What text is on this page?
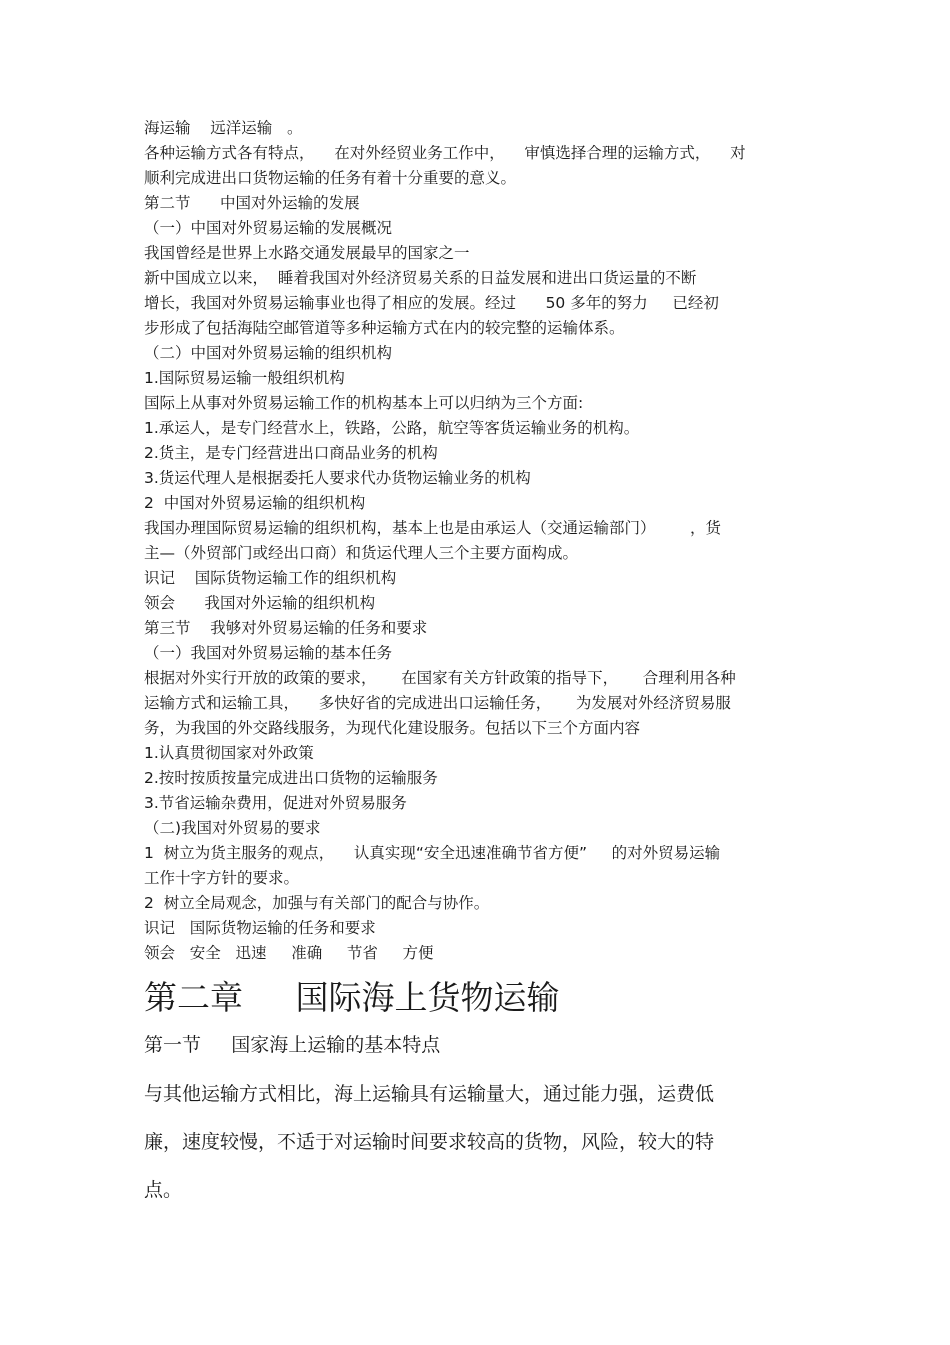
海运输    远洋运输   。
各种运输方式各有特点，    在对外经贸业务工作中，    审慎选择合理的运输方式，    对
顺利完成进出口货物运输的任务有着十分重要的意义。
第二节      中国对外运输的发展
（一）中国对外贸易运输的发展概况
我国曾经是世界上水路交通发展最早的国家之一
新中国成立以来，  睡着我国对外经济贸易关系的日益发展和进出口货运量的不断
增长，我国对外贸易运输事业也得了相应的发展。经过      50 多年的努力     已经初
步形成了包括海陆空邮管道等多种运输方式在内的较完整的运输体系。
（二）中国对外贸易运输的组织机构
1.国际贸易运输一般组织机构
国际上从事对外贸易运输工作的机构基本上可以归纳为三个方面:
1.承运人，是专门经营水上，铁路，公路，航空等客货运输业务的机构。
2.货主，是专门经营进出口商品业务的机构
3.货运代理人是根据委托人要求代办货物运输业务的机构
2  中国对外贸易运输的组织机构
我国办理国际贸易运输的组织机构，基本上也是由承运人（交通运输部门）       ，货
主—（外贸部门或经出口商）和货运代理人三个主要方面构成。
识记    国际货物运输工作的组织机构
领会      我国对外运输的组织机构
第三节    我够对外贸易运输的任务和要求
（一）我国对外贸易运输的基本任务
根据对外实行开放的政策的要求，     在国家有关方针政策的指导下，     合理利用各种
运输方式和运输工具，    多快好省的完成进出口运输任务，     为发展对外经济贸易服
务，为我国的外交路线服务，为现代化建设服务。包括以下三个方面内容
1.认真贯彻国家对外政策
2.按时按质按量完成进出口货物的运输服务
3.节省运输杂费用，促进对外贸易服务
（二)我国对外贸易的要求
1  树立为货主服务的观点，    认真实现“安全迅速准确节省方便”     的对外贸易运输
工作十字方针的要求。
2  树立全局观念，加强与有关部门的配合与协作。
识记   国际货物运输的任务和要求
领会   安全   迅速     准确     节省     方便
第二章     国际海上货物运输
第一节     国家海上运输的基本特点
与其他运输方式相比，海上运输具有运输量大，通过能力强，运费低
廉，速度较慢，不适于对运输时间要求较高的货物，风险，较大的特
点。
